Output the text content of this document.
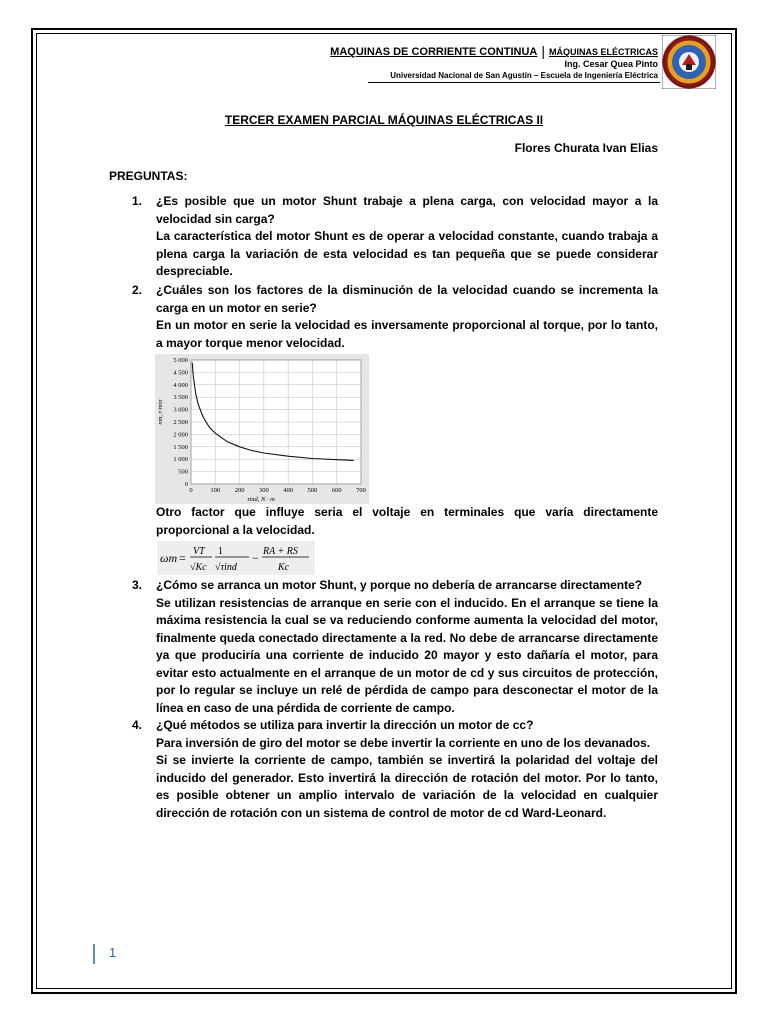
MAQUINAS DE CORRIENTE CONTINUA | MÁQUINAS ELÉCTRICAS
Ing. Cesar Quea Pinto
Universidad Nacional de San Agustín – Escuela de Ingeniería Eléctrica
TERCER EXAMEN PARCIAL MÁQUINAS ELÉCTRICAS II
Flores Churata Ivan Elias
PREGUNTAS:
1. ¿Es posible que un motor Shunt trabaje a plena carga, con velocidad mayor a la velocidad sin carga?
La característica del motor Shunt es de operar a velocidad constante, cuando trabaja a plena carga la variación de esta velocidad es tan pequeña que se puede considerar despreciable.
2. ¿Cuáles son los factores de la disminución de la velocidad cuando se incrementa la carga en un motor en serie?
En un motor en serie la velocidad es inversamente proporcional al torque, por lo tanto, a mayor torque menor velocidad.
0	100 200 300 400 500 600 700
0
500
1 000
1 500
2 000
2 500
3 000
3 500
4 000
4 500
5 000
τind, N · m
nm, r/min
Otro factor que influye seria el voltaje en terminales que varía directamente proporcional a la velocidad.
ωm = VT
√Kc
1
√τind
− RA + RS
Kc
3. ¿Cómo se arranca un motor Shunt, y porque no debería de arrancarse directamente?
Se utilizan resistencias de arranque en serie con el inducido. En el arranque se tiene la máxima resistencia la cual se va reduciendo conforme aumenta la velocidad del motor, finalmente queda conectado directamente a la red. No debe de arrancarse directamente ya que produciría una corriente de inducido 20 mayor y esto dañaría el motor, para evitar esto actualmente en el arranque de un motor de cd y sus circuitos de protección, por lo regular se incluye un relé de pérdida de campo para desconectar el motor de la línea en caso de una pérdida de corriente de campo.
4. ¿Qué métodos se utiliza para invertir la dirección un motor de cc?
Para inversión de giro del motor se debe invertir la corriente en uno de los devanados.
Si se invierte la corriente de campo, también se invertirá la polaridad del voltaje del inducido del generador. Esto invertirá la dirección de rotación del motor. Por lo tanto, es posible obtener un amplio intervalo de variación de la velocidad en cualquier dirección de rotación con un sistema de control de motor de cd Ward-Leonard.
1
